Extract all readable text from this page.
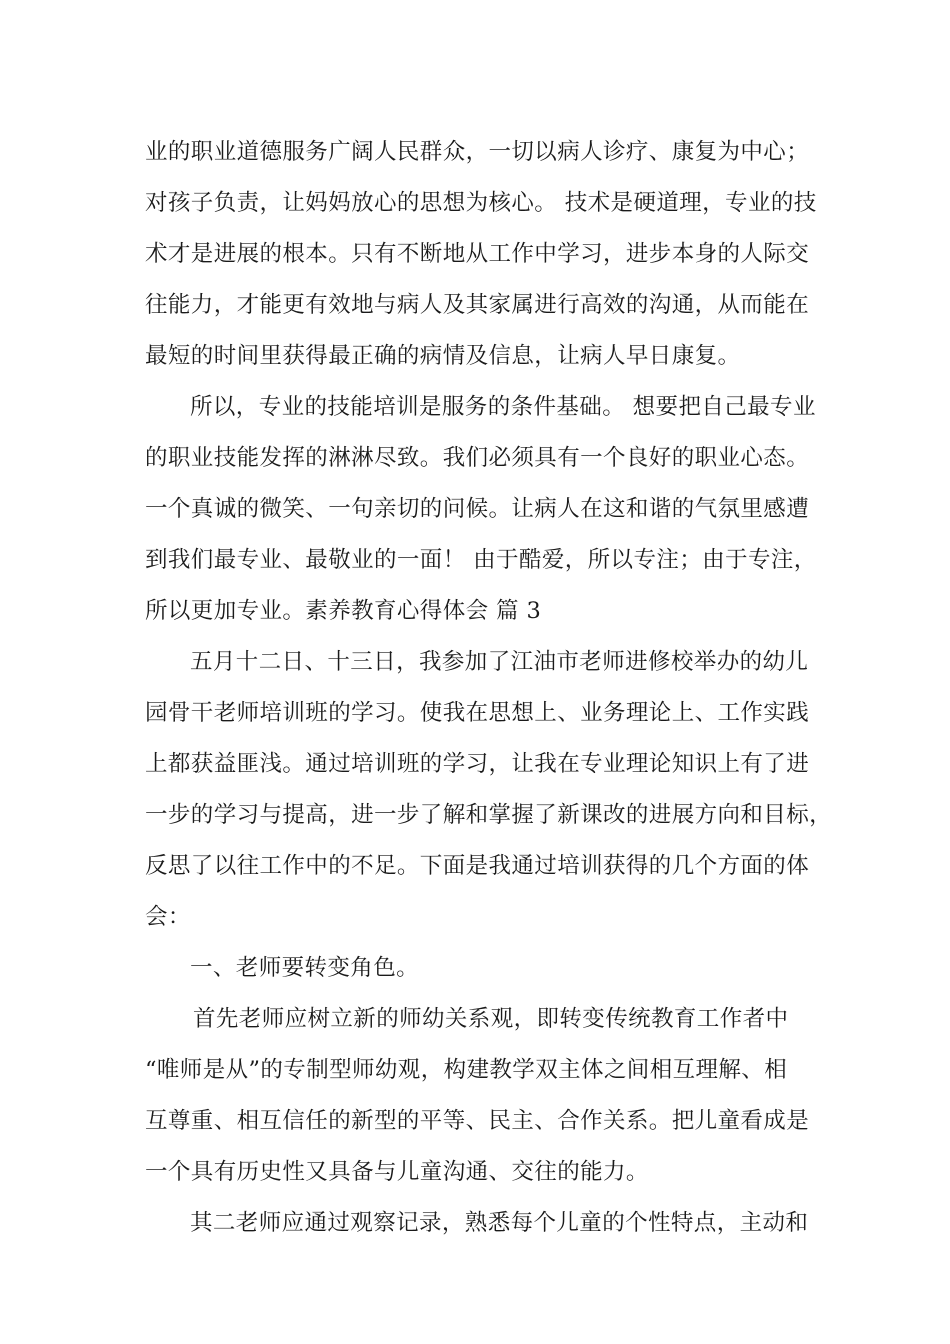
业的职业道德服务广阔人民群众，一切以病人诊疗、康复为中心；
对孩子负责，让妈妈放心的思想为核心。 技术是硬道理，专业的技
术才是进展的根本。只有不断地从工作中学习，进步本身的人际交
往能力，才能更有效地与病人及其家属进行高效的沟通，从而能在
最短的时间里获得最正确的病情及信息，让病人早日康复。
所以，专业的技能培训是服务的条件基础。 想要把自己最专业
的职业技能发挥的淋淋尽致。我们必须具有一个良好的职业心态。
一个真诚的微笑、一句亲切的问候。让病人在这和谐的气氛里感遭
到我们最专业、最敬业的一面！ 由于酷爱，所以专注；由于专注，
所以更加专业。素养教育心得体会 篇 3
五月十二日、十三日，我参加了江油市老师进修校举办的幼儿
园骨干老师培训班的学习。使我在思想上、业务理论上、工作实践
上都获益匪浅。通过培训班的学习，让我在专业理论知识上有了进
一步的学习与提高，进一步了解和掌握了新课改的进展方向和目标，
反思了以往工作中的不足。下面是我通过培训获得的几个方面的体
会：
一、老师要转变角色。
首先老师应树立新的师幼关系观，即转变传统教育工作者中
“唯师是从”的专制型师幼观，构建教学双主体之间相互理解、相
互尊重、相互信任的新型的平等、民主、合作关系。把儿童看成是
一个具有历史性又具备与儿童沟通、交往的能力。
其二老师应通过观察记录，熟悉每个儿童的个性特点，主动和
